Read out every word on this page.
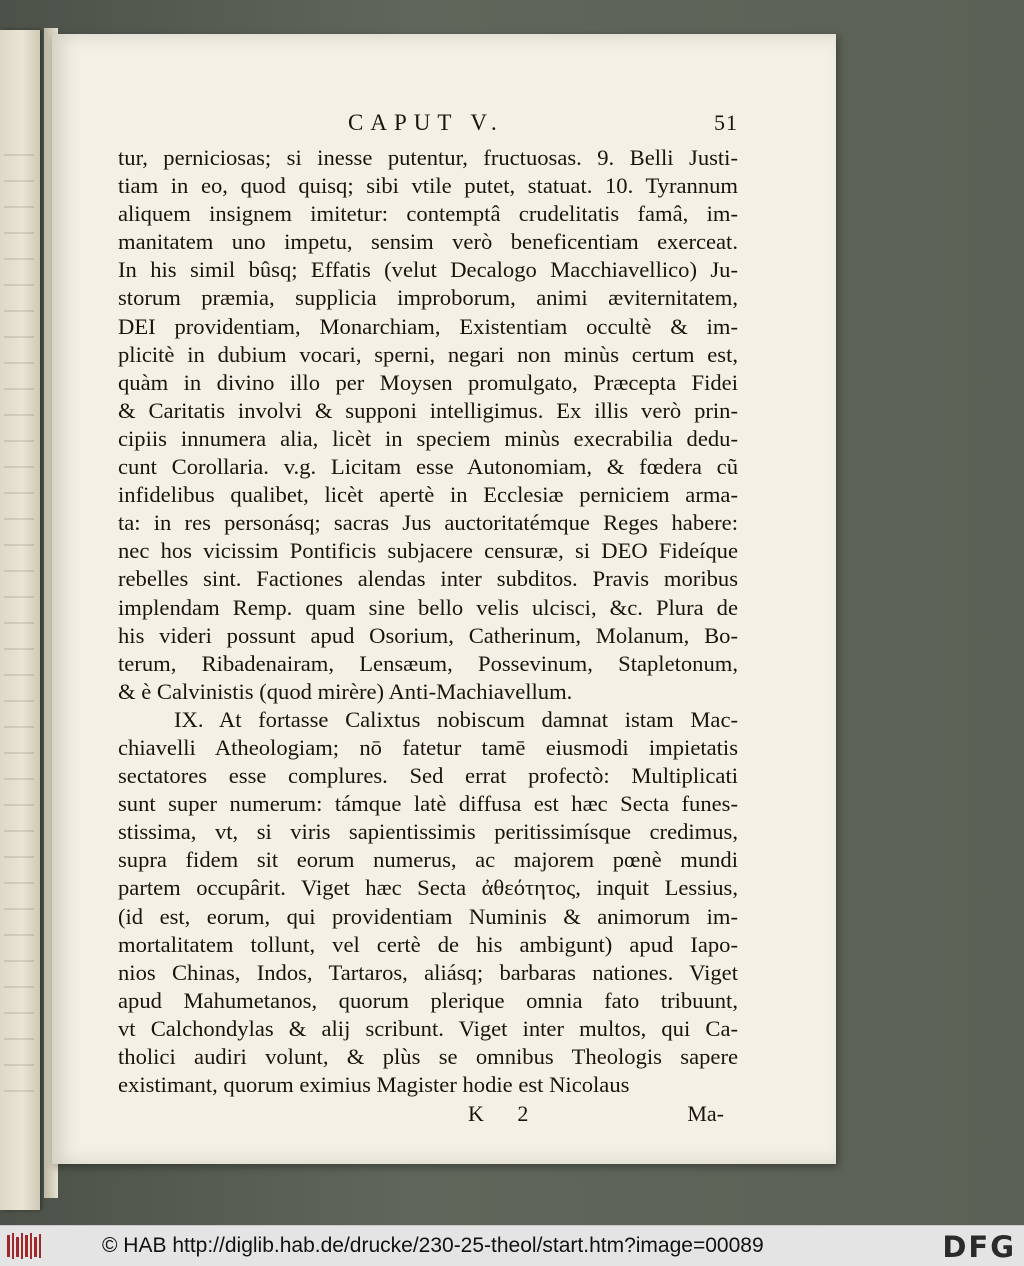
CAPUT V.	51
tur, perniciosas; si inesse putentur, fructuosas. 9. Belli Justi-
tiam in eo, quod quisq; sibi vtile putet, statuat. 10. Tyrannum
aliquem insignem imitetur: contemptâ crudelitatis famâ, im-
manitatem uno impetu, sensim verò beneficentiam exerceat.
In his simil bûsq; Effatis (velut Decalogo Macchiavellico) Ju-
storum præmia, supplicia improborum, animi æviternitatem,
DEI providentiam, Monarchiam, Existentiam occultè & im-
plicitè in dubium vocari, sperni, negari non minùs certum est,
quàm in divino illo per Moysen promulgato, Præcepta Fidei
& Caritatis involvi & supponi intelligimus. Ex illis verò prin-
cipiis innumera alia, licèt in speciem minùs execrabilia dedu-
cunt Corollaria. v.g. Licitam esse Autonomiam, & fœdera cũ
infidelibus qualibet, licèt apertè in Ecclesiæ perniciem arma-
ta: in res personásq; sacras Jus auctoritatémque Reges habere:
nec hos vicissim Pontificis subjacere censuræ, si DEO Fideíque
rebelles sint. Factiones alendas inter subditos. Pravis moribus
implendam Remp. quam sine bello velis ulcisci, &c. Plura de
his videri possunt apud Osorium, Catherinum, Molanum, Bo-
terum, Ribadenairam, Lensæum, Possevinum, Stapletonum,
& è Calvinistis (quod mirère) Anti-Machiavellum.
IX. At fortasse Calixtus nobiscum damnat istam Mac-
chiavelli Atheologiam; nō fatetur tamē eiusmodi impietatis
sectatores esse complures. Sed errat profectò: Multiplicati
sunt super numerum: támque latè diffusa est hæc Secta funes-
stissima, vt, si viris sapientissimis peritissimísque credimus,
supra fidem sit eorum numerus, ac majorem pœnè mundi
partem occupârit. Viget hæc Secta ἀθεότητος, inquit Lessius,
(id est, eorum, qui providentiam Numinis & animorum im-
mortalitatem tollunt, vel certè de his ambigunt) apud Iapo-
nios Chinas, Indos, Tartaros, aliásq; barbaras nationes. Viget
apud Mahumetanos, quorum plerique omnia fato tribuunt,
vt Calchondylas & alij scribunt. Viget inter multos, qui Ca-
tholici audiri volunt, & plùs se omnibus Theologis sapere
existimant, quorum eximius Magister hodie est Nicolaus
K 2	Ma-
© HAB http://diglib.hab.de/drucke/230-25-theol/start.htm?image=00089	DFG
